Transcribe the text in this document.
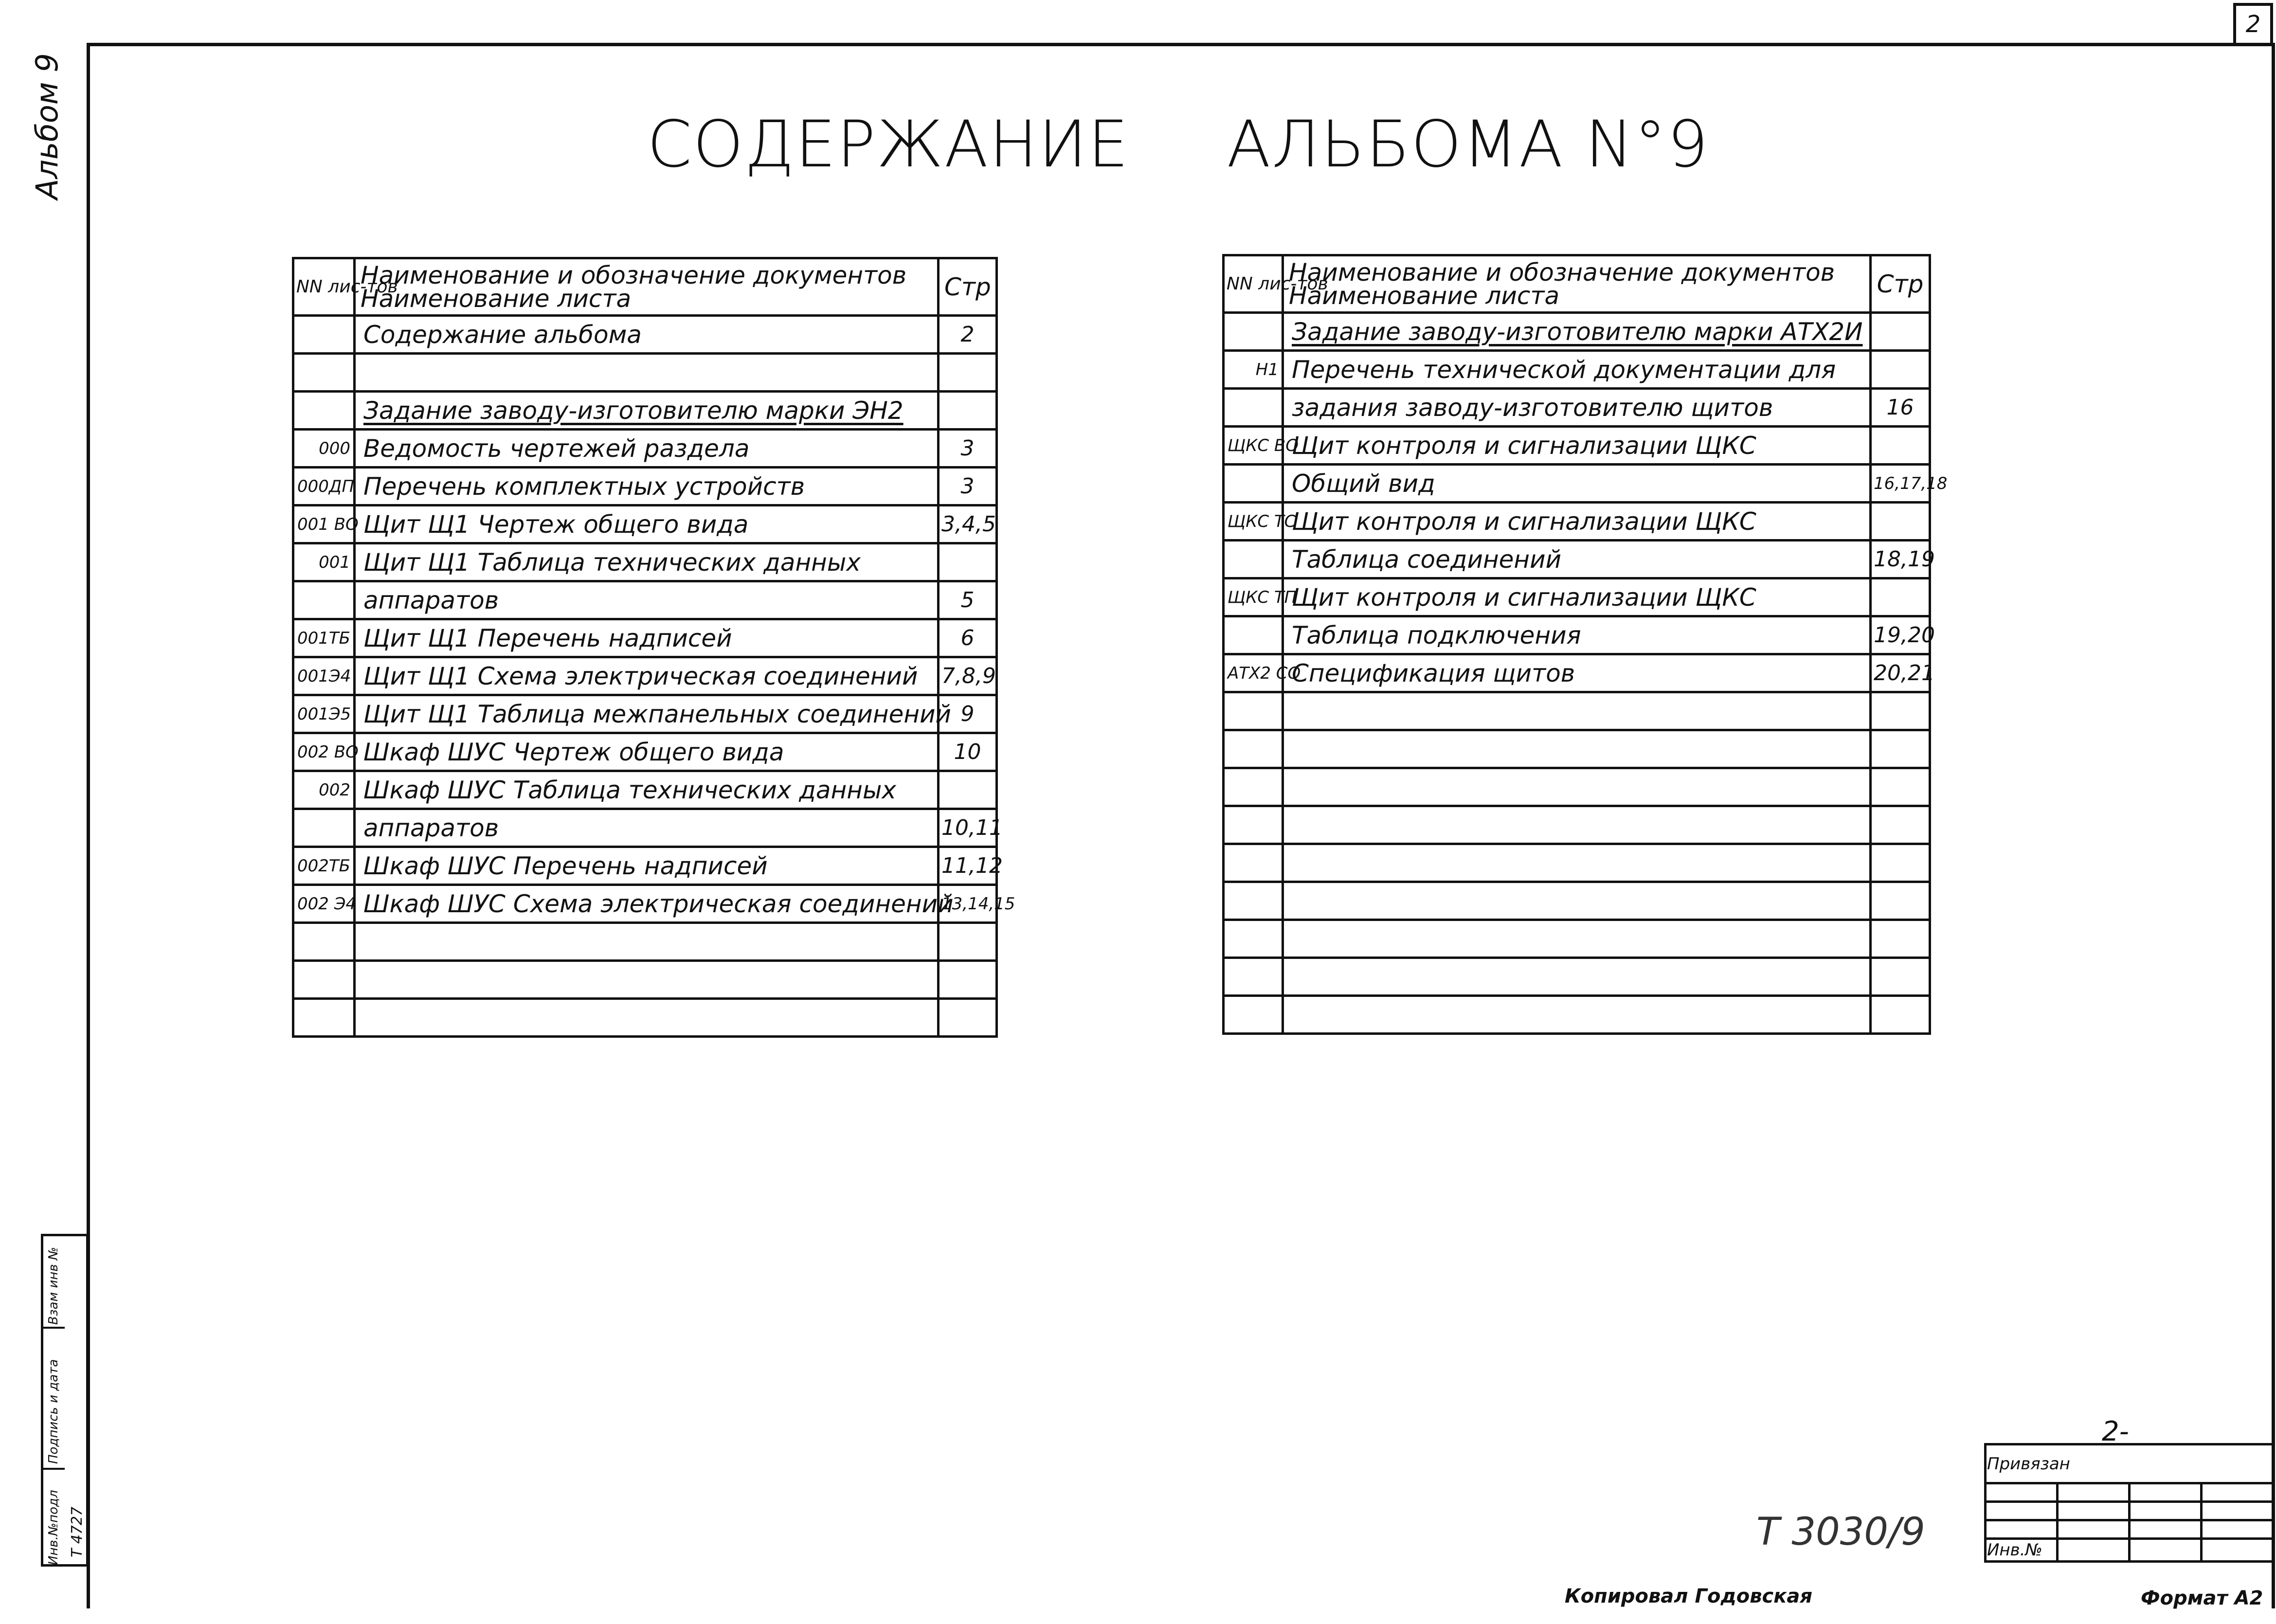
2
Альбом 9	СОДЕРЖАНИЕ АЛЬБОМА N°9
NN лис-тов	Наименование и обозначение документов
Наименование листа	Стр
	Содержание альбома	2

	Задание заводу-изготовителю марки ЭН2	
000	Ведомость чертежей раздела	3
000ДП	Перечень комплектных устройств	3
001 ВО	Щит Щ1 Чертеж общего вида	3,4,5
001	Щит Щ1 Таблица технических данных	
	аппаратов	5
001ТБ	Щит Щ1 Перечень надписей	6
001Э4	Щит Щ1 Схема электрическая соединений	7,8,9
001Э5	Щит Щ1 Таблица межпанельных соединений	9
002 ВО	Шкаф ШУС Чертеж общего вида	10
002	Шкаф ШУС Таблица технических данных	
	аппаратов	10,11
002ТБ	Шкаф ШУС Перечень надписей	11,12
002 Э4	Шкаф ШУС Схема электрическая соединений	13,14,15

NN лис-тов	Наименование и обозначение документов
Наименование листа	Стр
	Задание заводу-изготовителю марки АТХ2И	
Н1	Перечень технической документации для	
	задания заводу-изготовителю щитов	16
ЩКС ВО	Щит контроля и сигнализации ЩКС	
	Общий вид	16,17,18
ЩКС ТС	Щит контроля и сигнализации ЩКС	
	Таблица соединений	18,19
ЩКС ТП	Щит контроля и сигнализации ЩКС	
	Таблица подключения	19,20
АТХ2 СО	Спецификация щитов	20,21

Взам инв №
Подпись и дата
Инв.№подл Т 4727
2-
Привязан			

Инв.№			
Т 3030/9
Копировал Годовская	Формат А2
